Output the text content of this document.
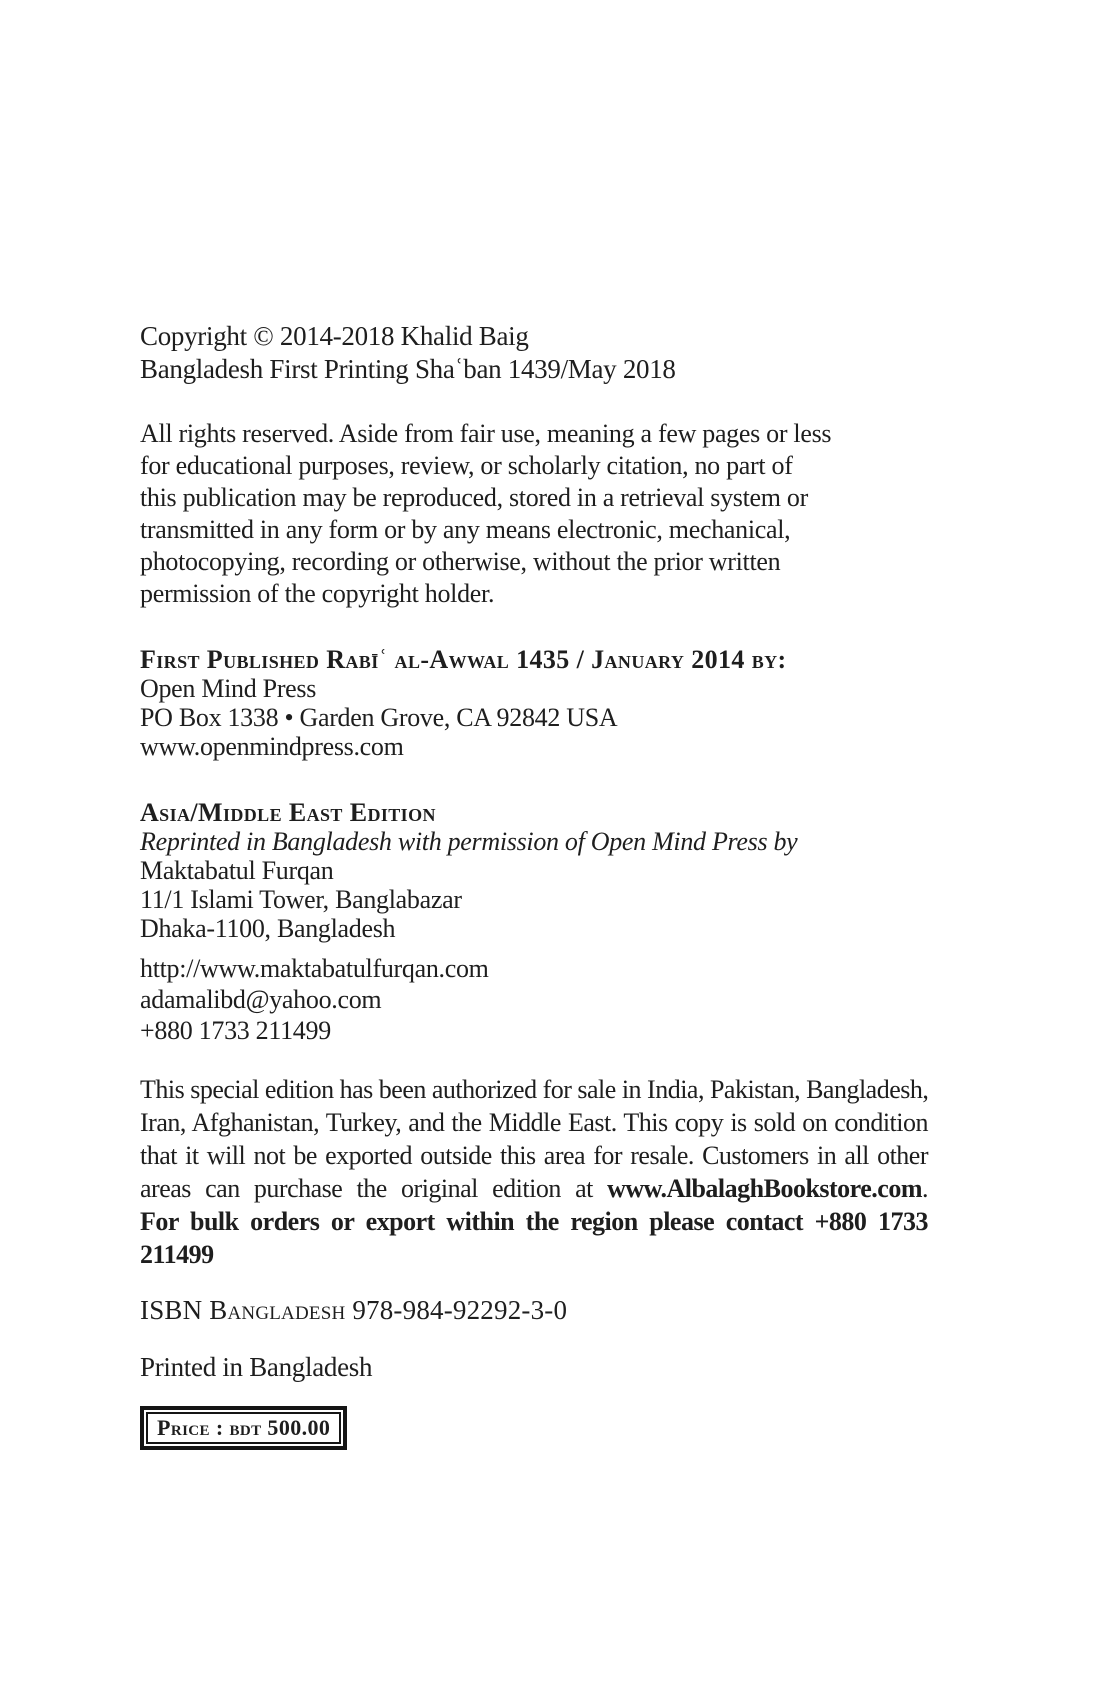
Copyright © 2014-2018 Khalid Baig
Bangladesh First Printing Shaʿban 1439/May 2018
All rights reserved. Aside from fair use, meaning a few pages or less
for educational purposes, review, or scholarly citation, no part of
this publication may be reproduced, stored in a retrieval system or
transmitted in any form or by any means electronic, mechanical,
photocopying, recording or otherwise, without the prior written
permission of the copyright holder.
First Published Rabīʿ al-Awwal 1435 / January 2014 by:
Open Mind Press
PO Box 1338 • Garden Grove, CA 92842 USA
www.openmindpress.com
Asia/Middle East Edition
Reprinted in Bangladesh with permission of Open Mind Press by
Maktabatul Furqan
11/1 Islami Tower, Banglabazar
Dhaka-1100, Bangladesh
http://www.maktabatulfurqan.com
adamalibd@yahoo.com
+880 1733 211499
This special edition has been authorized for sale in India, Pakistan, Bangladesh,
Iran, Afghanistan, Turkey, and the Middle East. This copy is sold on condition
that it will not be exported outside this area for resale. Customers in all other
areas can purchase the original edition at www.AlbalaghBookstore.com.
For bulk orders or export within the region please contact +880 1733
211499
ISBN Bangladesh 978-984-92292-3-0
Printed in Bangladesh
Price : bdt 500.00
